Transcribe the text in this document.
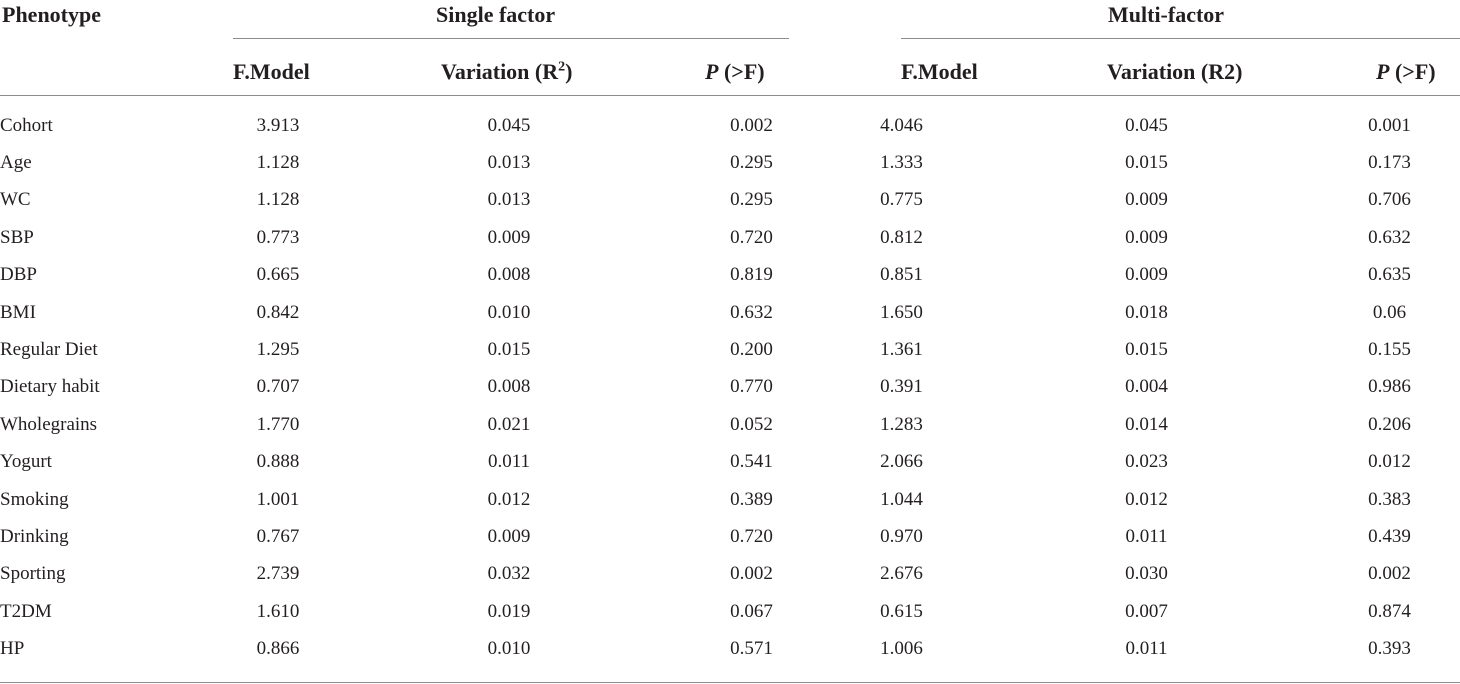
Phenotype	Single factor	Multi-factor
F.Model	Variation $(R^2)$	P (>F)	F.Model	Variation (R2)	P (>F)
Cohort	3.913	0.045	0.002	4.046	0.045	0.001
Age	1.128	0.013	0.295	1.333	0.015	0.173
WC	1.128	0.013	0.295	0.775	0.009	0.706
SBP	0.773	0.009	0.720	0.812	0.009	0.632
DBP	0.665	0.008	0.819	0.851	0.009	0.635
BMI	0.842	0.010	0.632	1.650	0.018	0.06
Regular Diet	1.295	0.015	0.200	1.361	0.015	0.155
Dietary habit	0.707	0.008	0.770	0.391	0.004	0.986
Wholegrains	1.770	0.021	0.052	1.283	0.014	0.206
Yogurt	0.888	0.011	0.541	2.066	0.023	0.012
Smoking	1.001	0.012	0.389	1.044	0.012	0.383
Drinking	0.767	0.009	0.720	0.970	0.011	0.439
Sporting	2.739	0.032	0.002	2.676	0.030	0.002
T2DM	1.610	0.019	0.067	0.615	0.007	0.874
HP	0.866	0.010	0.571	1.006	0.011	0.393
